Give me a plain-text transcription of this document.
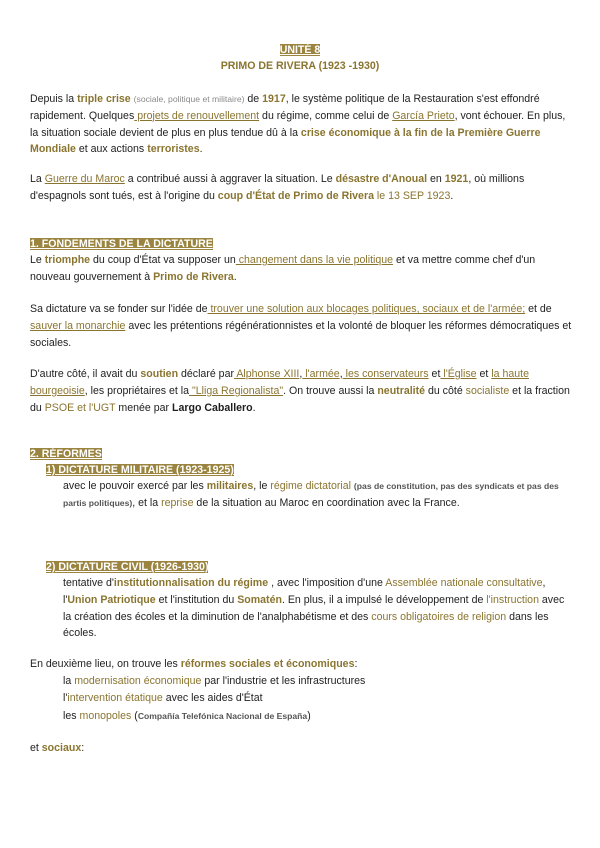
UNITÉ 8
PRIMO DE RIVERA (1923 -1930)
Depuis la triple crise (sociale, politique et militaire) de 1917, le système politique de la Restauration s'est effondré rapidement. Quelques projets de renouvellement du régime, comme celui de García Prieto, vont échouer. En plus, la situation sociale devient de plus en plus tendue dû à la crise économique à la fin de la Première Guerre Mondiale et aux actions terroristes.
La Guerre du Maroc a contribué aussi à aggraver la situation. Le désastre d'Anoual en 1921, où millions d'espagnols sont tués, est à l'origine du coup d'État de Primo de Rivera le 13 SEP 1923.
1. FONDEMENTS DE LA DICTATURE
Le triomphe du coup d'État va supposer un changement dans la vie politique et va mettre comme chef d'un nouveau gouvernement à Primo de Rivera.
Sa dictature va se fonder sur l'idée de trouver une solution aux blocages politiques, sociaux et de l'armée; et de sauver la monarchie avec les prétentions régénérationnistes et la volonté de bloquer les réformes démocratiques et sociales.
D'autre côté, il avait du soutien déclaré par Alphonse XIII, l'armée, les conservateurs et l'Église et la haute bourgeoisie, les propriétaires et la "Lliga Regionalista". On trouve aussi la neutralité du côté socialiste et la fraction du PSOE et l'UGT menée par Largo Caballero.
2. RÉFORMES
1) DICTATURE MILITAIRE (1923-1925)
avec le pouvoir exercé par les militaires, le régime dictatorial (pas de constitution, pas des syndicats et pas des partis politiques), et la reprise de la situation au Maroc en coordination avec la France.
2) DICTATURE CIVIL (1926-1930)
tentative d'institutionnalisation du régime , avec l'imposition d'une Assemblée nationale consultative, l'Union Patriotique et l'institution du Somatén. En plus, il a impulsé le développement de l'instruction avec la création des écoles et la diminution de l'analphabétisme et des cours obligatoires de religion dans les écoles.
En deuxième lieu, on trouve les réformes sociales et économiques:
la modernisation économique par l'industrie et les infrastructures
l'intervention étatique avec les aides d'État
les monopoles (Compañía Telefónica Nacional de España)
et sociaux:
